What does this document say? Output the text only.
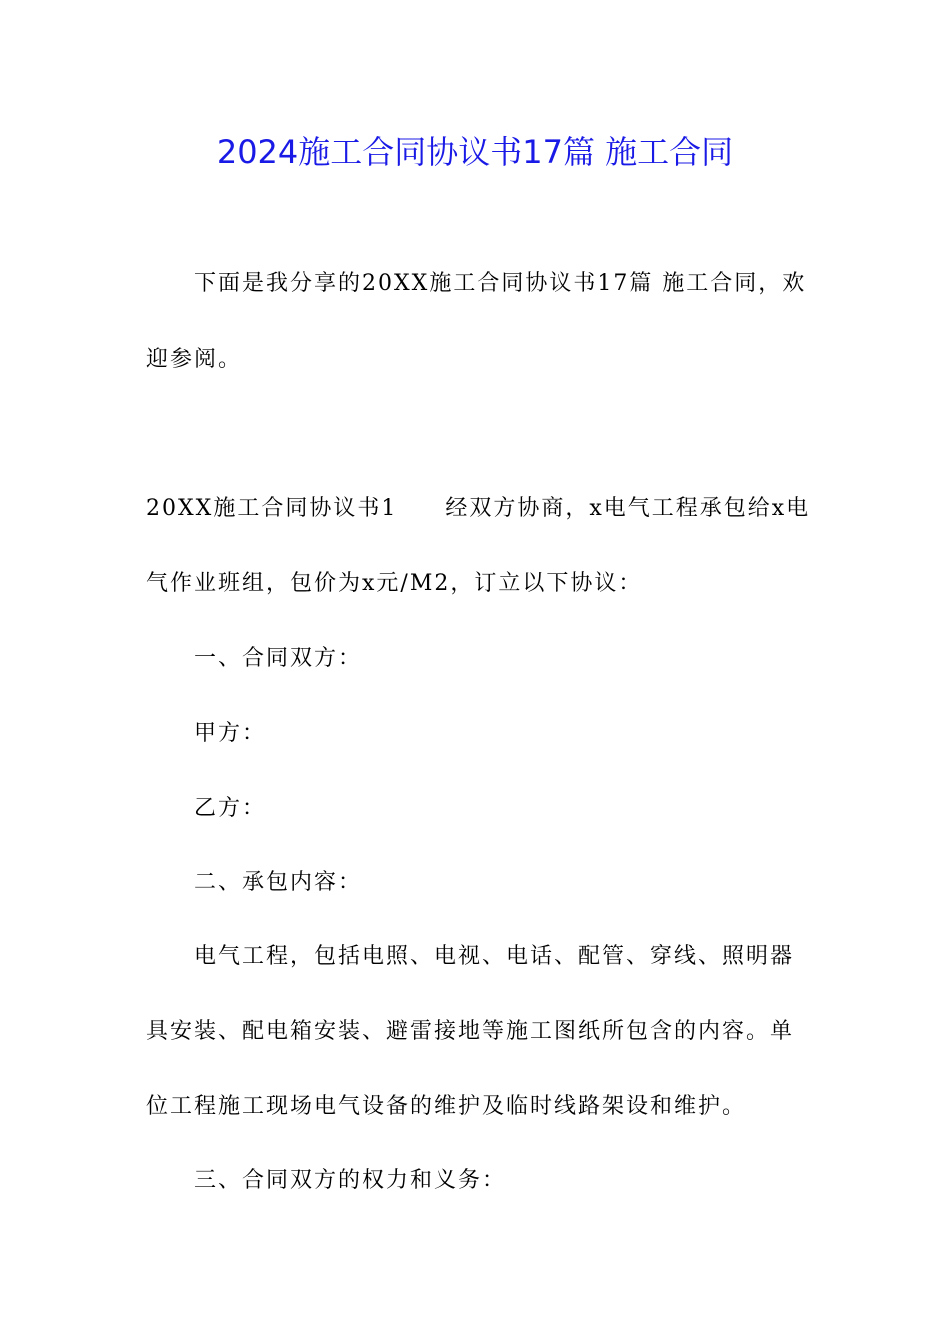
2024施工合同协议书17篇 施工合同

下面是我分享的20XX施工合同协议书17篇 施工合同，欢

迎参阅。

20XX施工合同协议书1　　经双方协商，x电气工程承包给x电

气作业班组，包价为x元/M2，订立以下协议：

一、合同双方：

甲方：

乙方：

二、承包内容：

电气工程，包括电照、电视、电话、配管、穿线、照明器

具安装、配电箱安装、避雷接地等施工图纸所包含的内容。单

位工程施工现场电气设备的维护及临时线路架设和维护。

三、合同双方的权力和义务：
